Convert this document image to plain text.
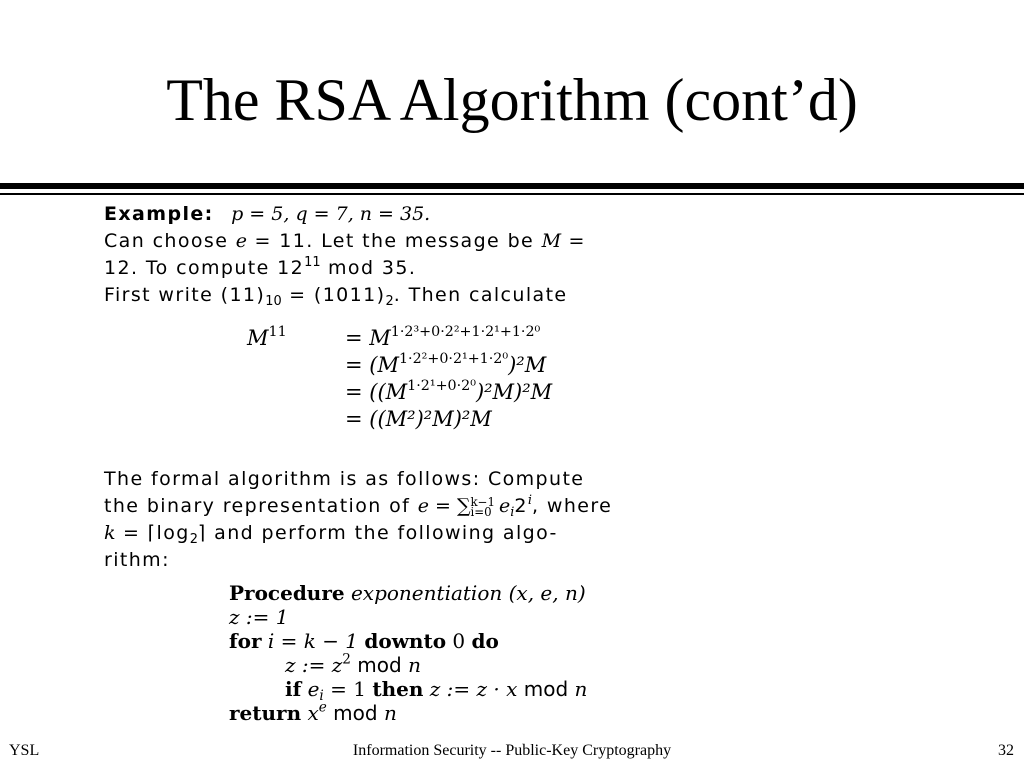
The RSA Algorithm (cont’d)
Example: p = 5, q = 7, n = 35.
Can choose e = 11. Let the message be M =
12. To compute $12^{11}$ mod 35.
First write $(11)_{10} = (1011)_2$. Then calculate
$M^{11}$	= $M^{1\cdot 2^3+0\cdot 2^2+1\cdot 2^1+1\cdot 2^0}$
= $(M^{1\cdot 2^2+0\cdot 2^1+1\cdot 2^0})^2M$
= $((M^{1\cdot 2^1+0\cdot 2^0})^2M)^2M$
= ((M²)²M)²M
The formal algorithm is as follows: Compute
the binary representation of e = ∑ k−1
i=0 $e_i2^i$, where
$k = ⌈\log_2⌉$ and perform the following algo-
rithm:
Procedure exponentiation (x, e, n)
z := 1
for i = k − 1 downto 0 do
z := $z^2$ mod n
if $e_i = 1$ then z := z · x mod n
return $x^e$ mod n
YSL	Information Security -- Public-Key Cryptography	32
